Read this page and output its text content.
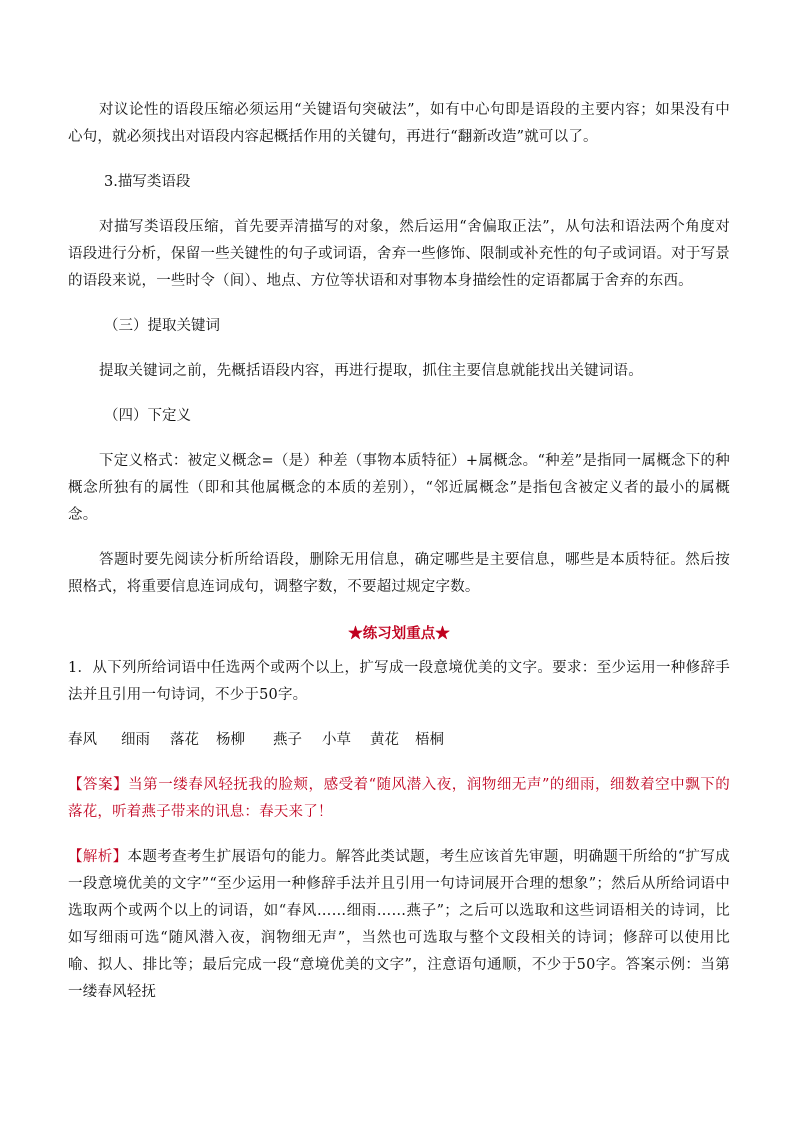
对议论性的语段压缩必须运用“关键语句突破法”，如有中心句即是语段的主要内容；如果没有中心句，就必须找出对语段内容起概括作用的关键句，再进行“翻新改造”就可以了。

3.描写类语段

对描写类语段压缩，首先要弄清描写的对象，然后运用“舍偏取正法”，从句法和语法两个角度对语段进行分析，保留一些关键性的句子或词语，舍弃一些修饰、限制或补充性的句子或词语。对于写景的语段来说，一些时令（间）、地点、方位等状语和对事物本身描绘性的定语都属于舍弃的东西。

（三）提取关键词

提取关键词之前，先概括语段内容，再进行提取，抓住主要信息就能找出关键词语。

（四）下定义

下定义格式：被定义概念=（是）种差（事物本质特征）+属概念。“种差”是指同一属概念下的种概念所独有的属性（即和其他属概念的本质的差别），“邻近属概念”是指包含被定义者的最小的属概念。

答题时要先阅读分析所给语段，删除无用信息，确定哪些是主要信息，哪些是本质特征。然后按照格式，将重要信息连词成句，调整字数，不要超过规定字数。

★练习划重点★

1．从下列所给词语中任选两个或两个以上，扩写成一段意境优美的文字。要求：至少运用一种修辞手法并且引用一句诗词，不少于50字。

春风	细雨	落花	杨柳	燕子	小草	黄花	梧桐

【答案】当第一缕春风轻抚我的脸颊，感受着“随风潜入夜，润物细无声”的细雨，细数着空中飘下的落花，听着燕子带来的讯息：春天来了！

【解析】本题考查考生扩展语句的能力。解答此类试题，考生应该首先审题，明确题干所给的“扩写成一段意境优美的文字”“至少运用一种修辞手法并且引用一句诗词展开合理的想象”；然后从所给词语中选取两个或两个以上的词语，如“春风……细雨……燕子”；之后可以选取和这些词语相关的诗词，比如写细雨可选“随风潜入夜，润物细无声”，当然也可选取与整个文段相关的诗词；修辞可以使用比喻、拟人、排比等；最后完成一段“意境优美的文字”，注意语句通顺，不少于50字。答案示例：当第一缕春风轻抚
